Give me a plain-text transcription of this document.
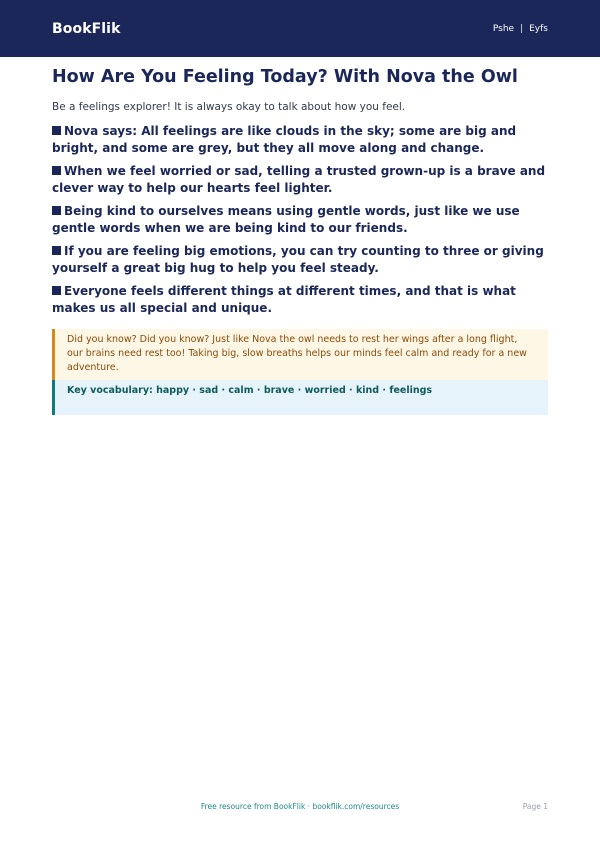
BookFlik	Pshe | Eyfs
How Are You Feeling Today? With Nova the Owl

Be a feelings explorer! It is always okay to talk about how you feel.

Nova says: All feelings are like clouds in the sky; some are big and bright, and some are grey, but they all move along and change.
When we feel worried or sad, telling a trusted grown-up is a brave and clever way to help our hearts feel lighter.
Being kind to ourselves means using gentle words, just like we use gentle words when we are being kind to our friends.
If you are feeling big emotions, you can try counting to three or giving yourself a great big hug to help you feel steady.
Everyone feels different things at different times, and that is what makes us all special and unique.
Did you know? Did you know? Just like Nova the owl needs to rest her wings after a long flight, our brains need rest too! Taking big, slow breaths helps our minds feel calm and ready for a new adventure.
Key vocabulary: happy · sad · calm · brave · worried · kind · feelings
Free resource from BookFlik · bookflik.com/resources	Page 1
